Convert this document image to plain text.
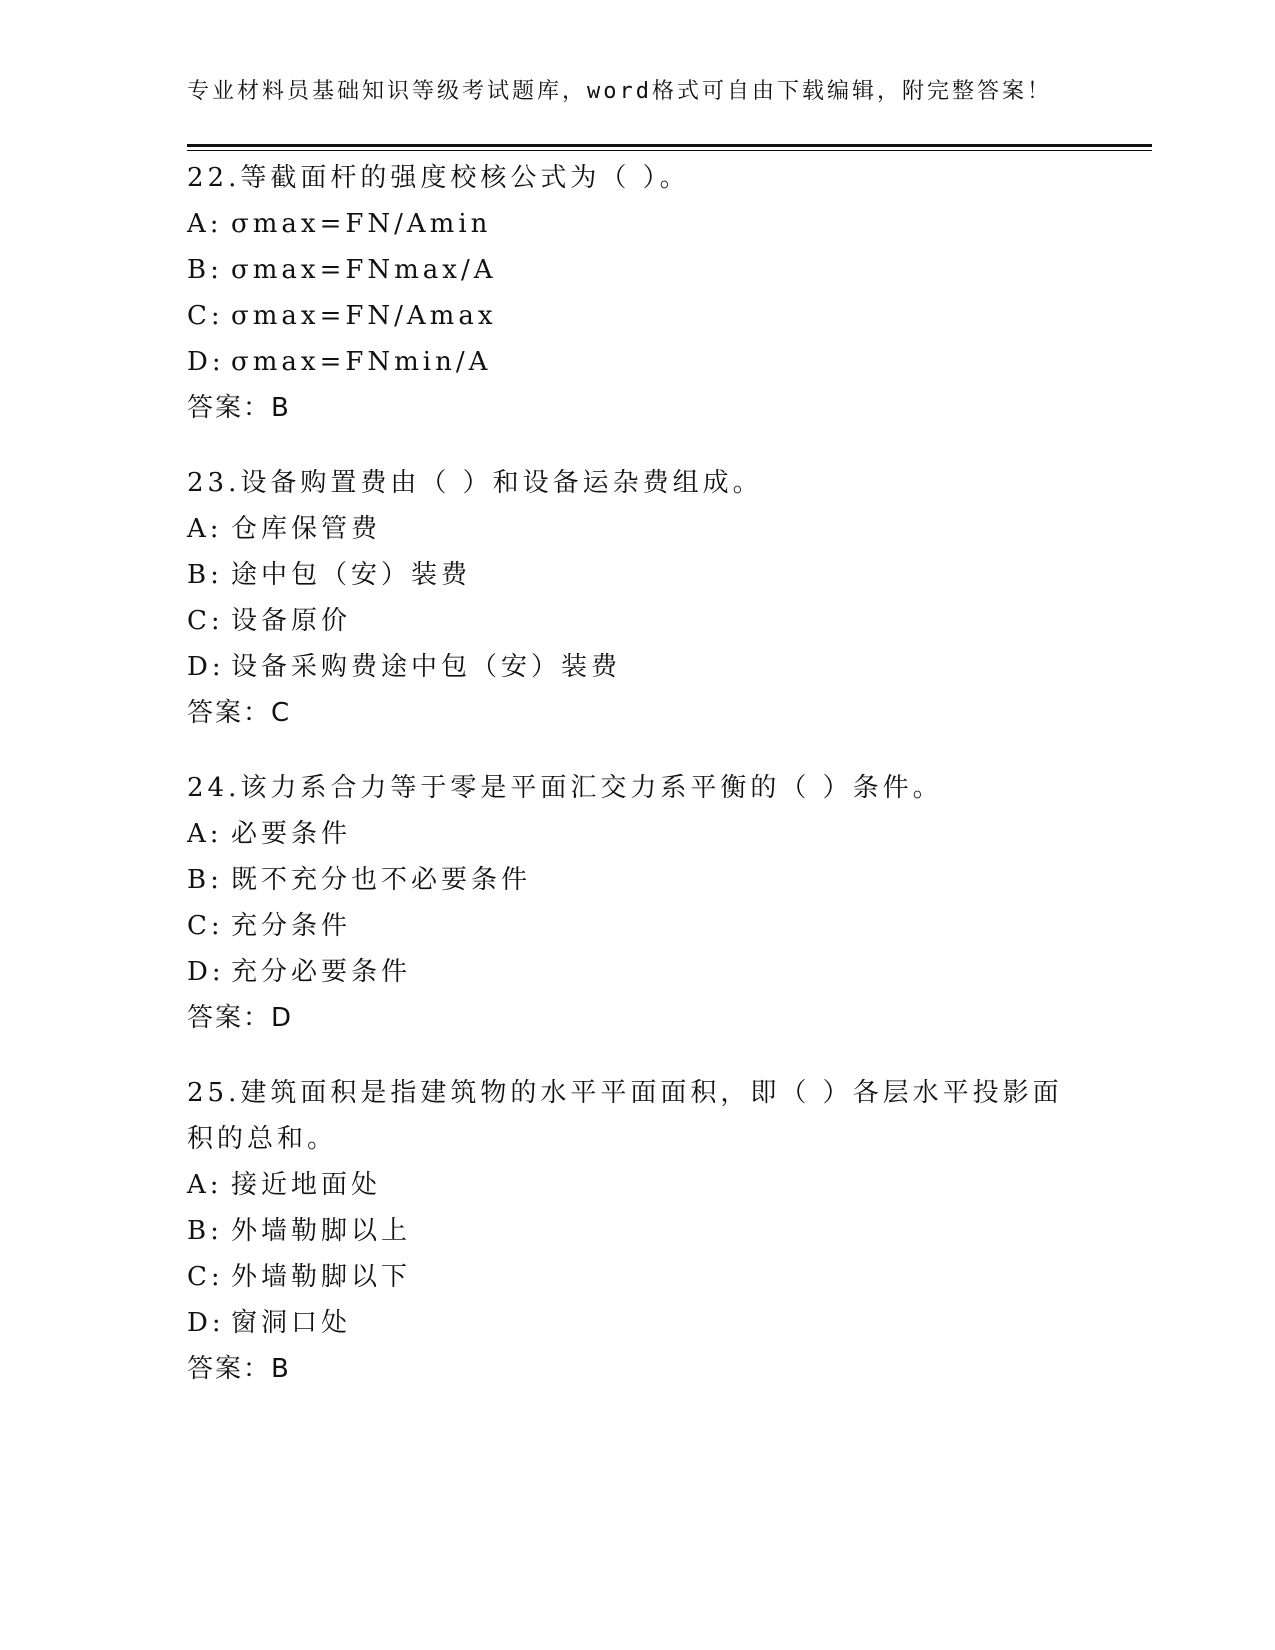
专业材料员基础知识等级考试题库，word格式可自由下载编辑，附完整答案！
22.等截面杆的强度校核公式为（ ）。
A: σmax=FN/Amin
B: σmax=FNmax/A
C: σmax=FN/Amax
D: σmax=FNmin/A
答案：B
23.设备购置费由（ ）和设备运杂费组成。
A: 仓库保管费
B: 途中包（安）装费
C: 设备原价
D: 设备采购费途中包（安）装费
答案：C
24.该力系合力等于零是平面汇交力系平衡的（ ）条件。
A: 必要条件
B: 既不充分也不必要条件
C: 充分条件
D: 充分必要条件
答案：D
25.建筑面积是指建筑物的水平平面面积，即（ ）各层水平投影面积的总和。
A: 接近地面处
B: 外墙勒脚以上
C: 外墙勒脚以下
D: 窗洞口处
答案：B
